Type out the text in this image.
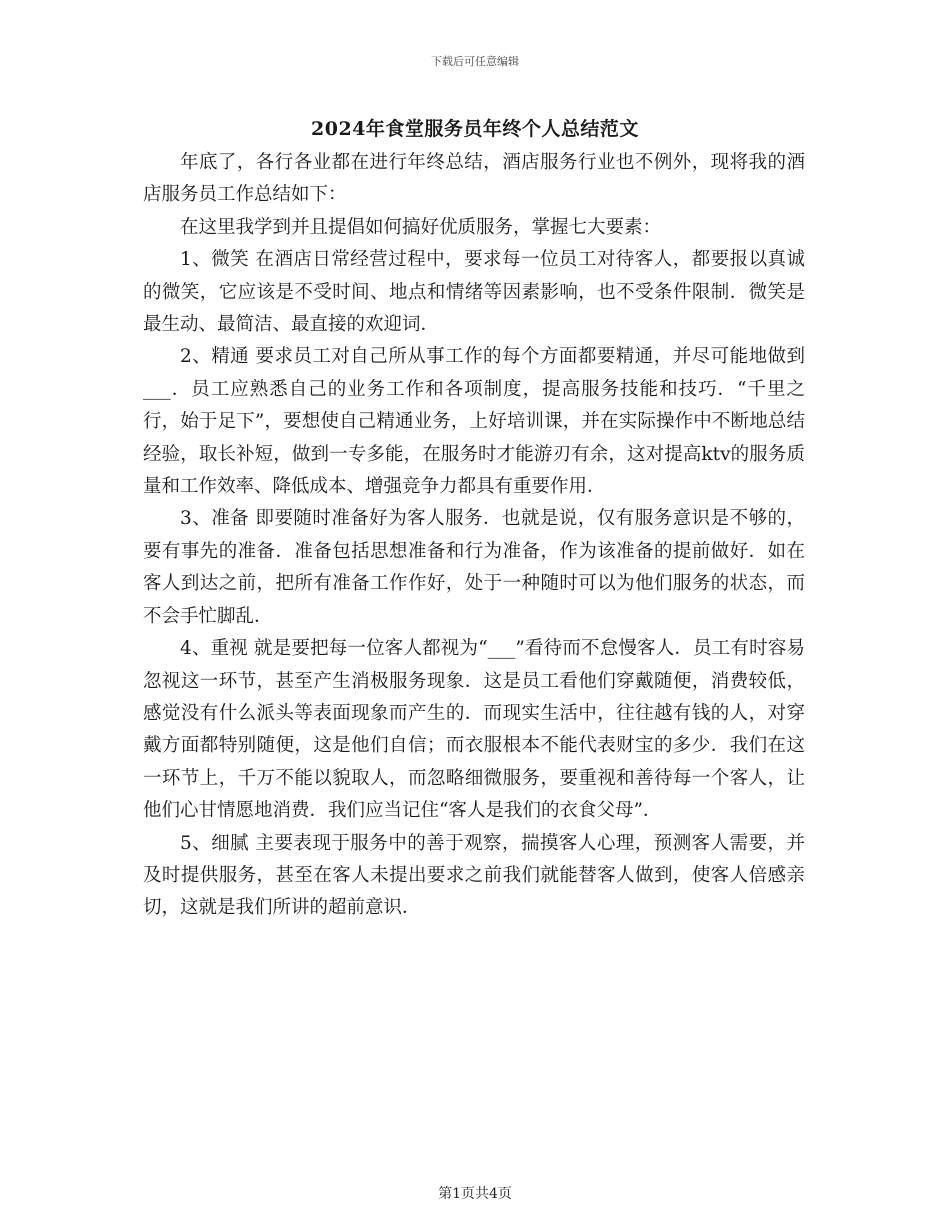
下载后可任意编辑
2024年食堂服务员年终个人总结范文

年底了，各行各业都在进行年终总结，酒店服务行业也不例外，现将我的酒店服务员工作总结如下：

在这里我学到并且提倡如何搞好优质服务，掌握七大要素：

1、微笑 在酒店日常经营过程中，要求每一位员工对待客人，都要报以真诚的微笑，它应该是不受时间、地点和情绪等因素影响，也不受条件限制．微笑是最生动、最简洁、最直接的欢迎词．

2、精通 要求员工对自己所从事工作的每个方面都要精通，并尽可能地做到___．员工应熟悉自己的业务工作和各项制度，提高服务技能和技巧．“千里之行，始于足下”，要想使自己精通业务，上好培训课，并在实际操作中不断地总结经验，取长补短，做到一专多能，在服务时才能游刃有余，这对提高ktv的服务质量和工作效率、降低成本、增强竞争力都具有重要作用．

3、准备 即要随时准备好为客人服务．也就是说，仅有服务意识是不够的，要有事先的准备．准备包括思想准备和行为准备，作为该准备的提前做好．如在客人到达之前，把所有准备工作作好，处于一种随时可以为他们服务的状态，而不会手忙脚乱．

4、重视 就是要把每一位客人都视为“___”看待而不怠慢客人．员工有时容易忽视这一环节，甚至产生消极服务现象．这是员工看他们穿戴随便，消费较低，感觉没有什么派头等表面现象而产生的．而现实生活中，往往越有钱的人，对穿戴方面都特别随便，这是他们自信；而衣服根本不能代表财宝的多少．我们在这一环节上，千万不能以貌取人，而忽略细微服务，要重视和善待每一个客人，让他们心甘情愿地消费．我们应当记住“客人是我们的衣食父母”．

5、细腻 主要表现于服务中的善于观察，揣摸客人心理，预测客人需要，并及时提供服务，甚至在客人未提出要求之前我们就能替客人做到，使客人倍感亲切，这就是我们所讲的超前意识．

第1页共4页
